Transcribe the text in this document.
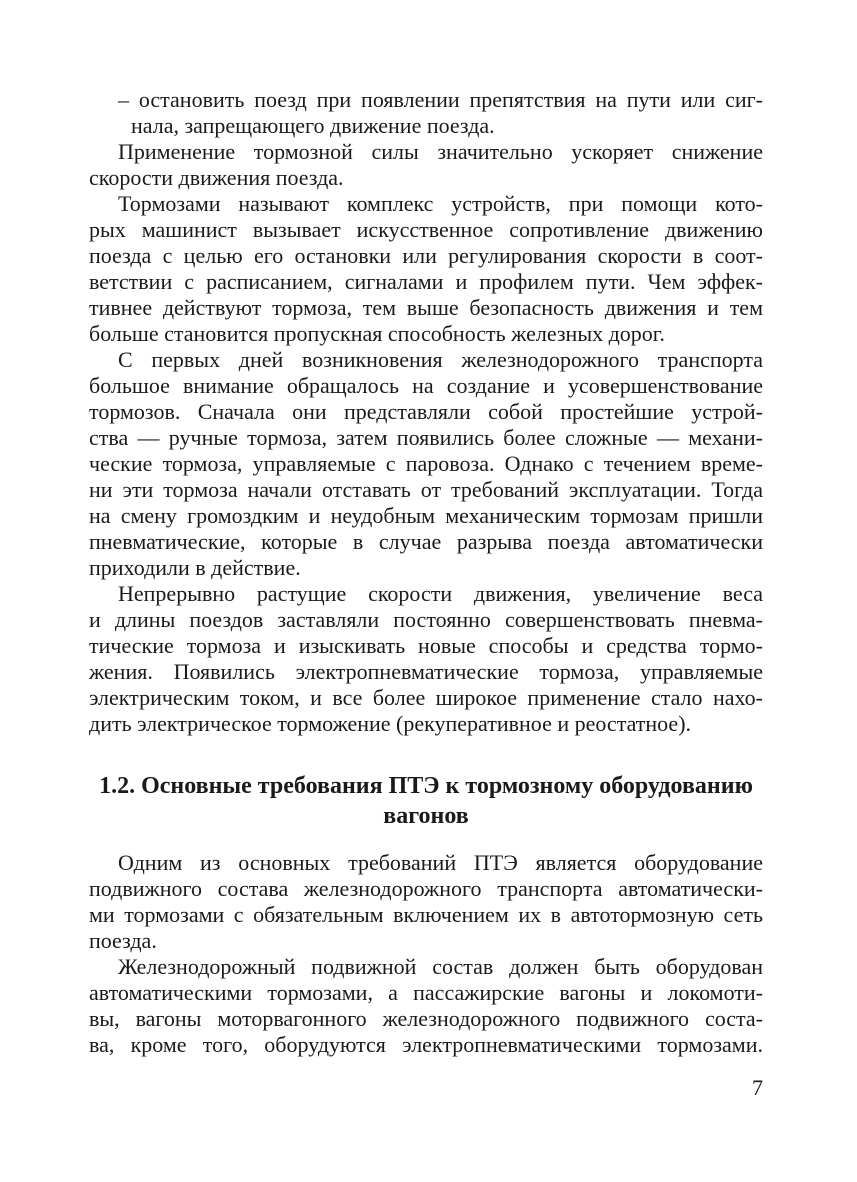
– остановить поезд при появлении препятствия на пути или сиг-
нала, запрещающего движение поезда.
Применение тормозной силы значительно ускоряет снижение
скорости движения поезда.
Тормозами называют комплекс устройств, при помощи кото-
рых машинист вызывает искусственное сопротивление движению
поезда с целью его остановки или регулирования скорости в соот-
ветствии с расписанием, сигналами и профилем пути. Чем эффек-
тивнее действуют тормоза, тем выше безопасность движения и тем
больше становится пропускная способность железных дорог.
С первых дней возникновения железнодорожного транспорта
большое внимание обращалось на создание и усовершенствование
тормозов. Сначала они представляли собой простейшие устрой-
ства — ручные тормоза, затем появились более сложные — механи-
ческие тормоза, управляемые с паровоза. Однако с течением време-
ни эти тормоза начали отставать от требований эксплуатации. Тогда
на смену громоздким и неудобным механическим тормозам пришли
пневматические, которые в случае разрыва поезда автоматически
приходили в действие.
Непрерывно растущие скорости движения, увеличение веса
и длины поездов заставляли постоянно совершенствовать пневма-
тические тормоза и изыскивать новые способы и средства тормо-
жения. Появились электропневматические тормоза, управляемые
электрическим током, и все более широкое применение стало нахо-
дить электрическое торможение (рекуперативное и реостатное).
1.2. Основные требования ПТЭ к тормозному оборудованию
вагонов
Одним из основных требований ПТЭ является оборудование
подвижного состава железнодорожного транспорта автоматически-
ми тормозами с обязательным включением их в автотормозную сеть
поезда.
Железнодорожный подвижной состав должен быть оборудован
автоматическими тормозами, а пассажирские вагоны и локомоти-
вы, вагоны моторвагонного железнодорожного подвижного соста-
ва, кроме того, оборудуются электропневматическими тормозами.
7
